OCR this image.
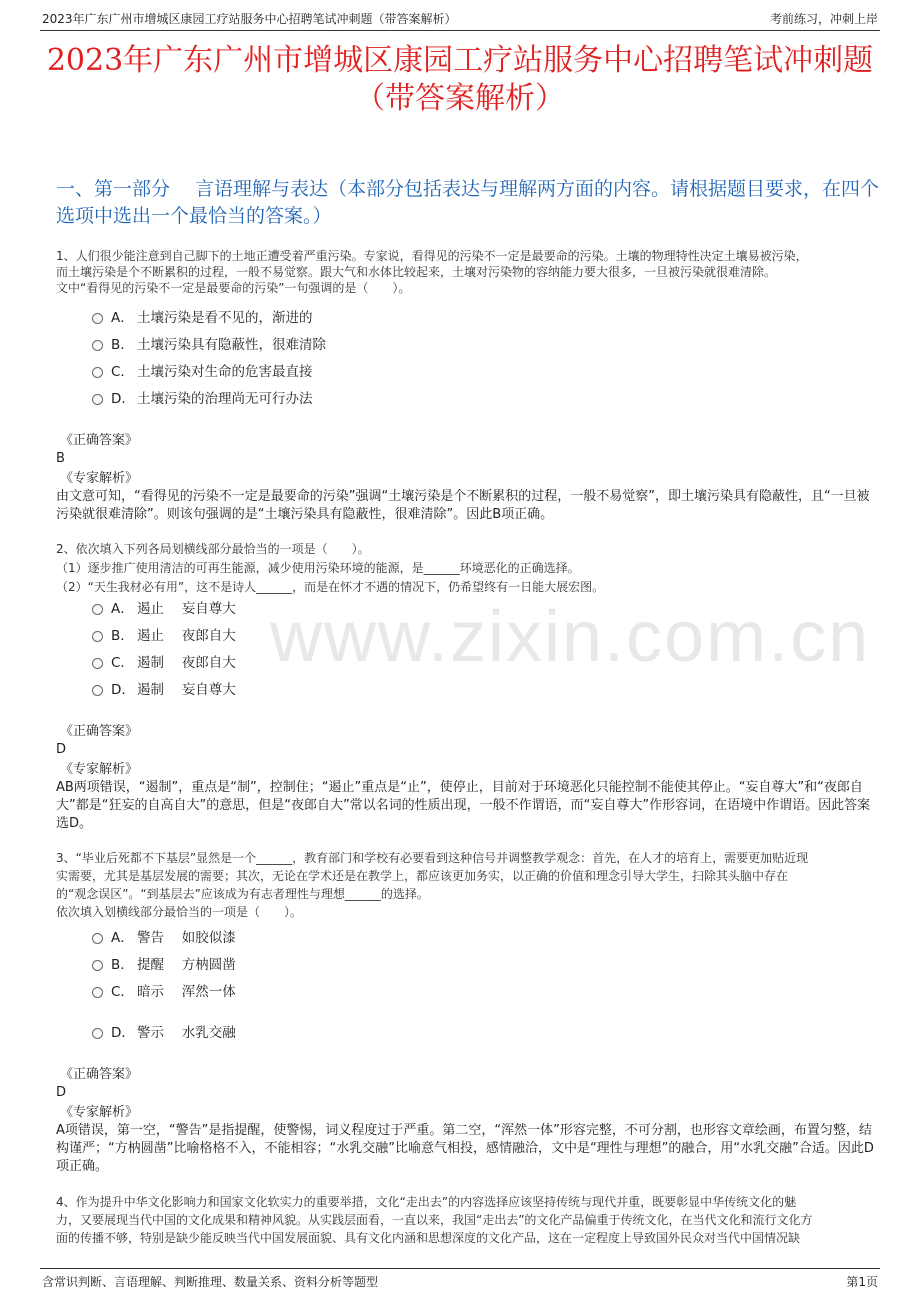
2023年广东广州市增城区康园工疗站服务中心招聘笔试冲刺题（带答案解析）	考前练习，冲刺上岸
2023年广东广州市增城区康园工疗站服务中心招聘笔试冲刺题
（带答案解析）
一、第一部分　 言语理解与表达（本部分包括表达与理解两方面的内容。请根据题目要求，在四个选项中选出一个最恰当的答案。）
www.zixin.com.cn

1、人们很少能注意到自己脚下的土地正遭受着严重污染。专家说，看得见的污染不一定是最要命的污染。土壤的物理特性决定土壤易被污染，

而土壤污染是个不断累积的过程，一般不易觉察。跟大气和水体比较起来，土壤对污染物的容纳能力要大很多，一旦被污染就很难清除。

文中“看得见的污染不一定是最要命的污染”一句强调的是（　　）。

A． 土壤污染是看不见的，渐进的
B． 土壤污染具有隐蔽性，很难清除
C． 土壤污染对生命的危害最直接
D． 土壤污染的治理尚无可行办法
《正确答案》
B
《专家解析》
由文意可知，“看得见的污染不一定是最要命的污染”强调“土壤污染是个不断累积的过程，一般不易觉察”，即土壤污染具有隐蔽性，且“一旦被污染就很难清除”。则该句强调的是“土壤污染具有隐蔽性，很难清除”。因此B项正确。

2、依次填入下列各局划横线部分最恰当的一项是（　　）。

（1）逐步推广使用清洁的可再生能源，减少使用污染环境的能源，是______环境恶化的正确选择。

（2）“天生我材必有用”，这不是诗人______，而是在怀才不遇的情况下，仍希望终有一日能大展宏图。

A． 遏止　 妄自尊大
B． 遏止　 夜郎自大
C． 遏制　 夜郎自大
D． 遏制　 妄自尊大
《正确答案》
D
《专家解析》
AB两项错误，“遏制”，重点是“制”，控制住；“遏止”重点是“止”，使停止，目前对于环境恶化只能控制不能使其停止。“妄自尊大”和“夜郎自大”都是“狂妄的自高自大”的意思，但是“夜郎自大”常以名词的性质出现，一般不作谓语，而“妄自尊大”作形容词，在语境中作谓语。因此答案选D。

3、“毕业后死都不下基层”显然是一个______，教育部门和学校有必要看到这种信号并调整教学观念：首先，在人才的培育上，需要更加贴近现

实需要，尤其是基层发展的需要；其次，无论在学术还是在教学上，都应该更加务实，以正确的价值和理念引导大学生，扫除其头脑中存在

的“观念误区”。“到基层去”应该成为有志者理性与理想______的选择。

依次填入划横线部分最恰当的一项是（　　）。

A． 警告　 如胶似漆
B． 提醒　 方枘圆凿
C． 暗示　 浑然一体
D． 警示　 水乳交融
《正确答案》
D
《专家解析》
A项错误，第一空，“警告”是指提醒，使警惕，词义程度过于严重。第二空，“浑然一体”形容完整，不可分割，也形容文章绘画，布置匀整，结构谨严；“方枘圆凿”比喻格格不入，不能相容；“水乳交融”比喻意气相投，感情融洽，文中是“理性与理想”的融合，用“水乳交融”合适。因此D项正确。

4、作为提升中华文化影响力和国家文化软实力的重要举措，文化“走出去”的内容选择应该坚持传统与现代并重，既要彰显中华传统文化的魅

力，又要展现当代中国的文化成果和精神风貌。从实践层面看，一直以来，我国“走出去”的文化产品偏重于传统文化，在当代文化和流行文化方

面的传播不够，特别是缺少能反映当代中国发展面貌、具有文化内涵和思想深度的文化产品，这在一定程度上导致国外民众对当代中国情况缺

含常识判断、言语理解、判断推理、数量关系、资料分析等题型	第1页
